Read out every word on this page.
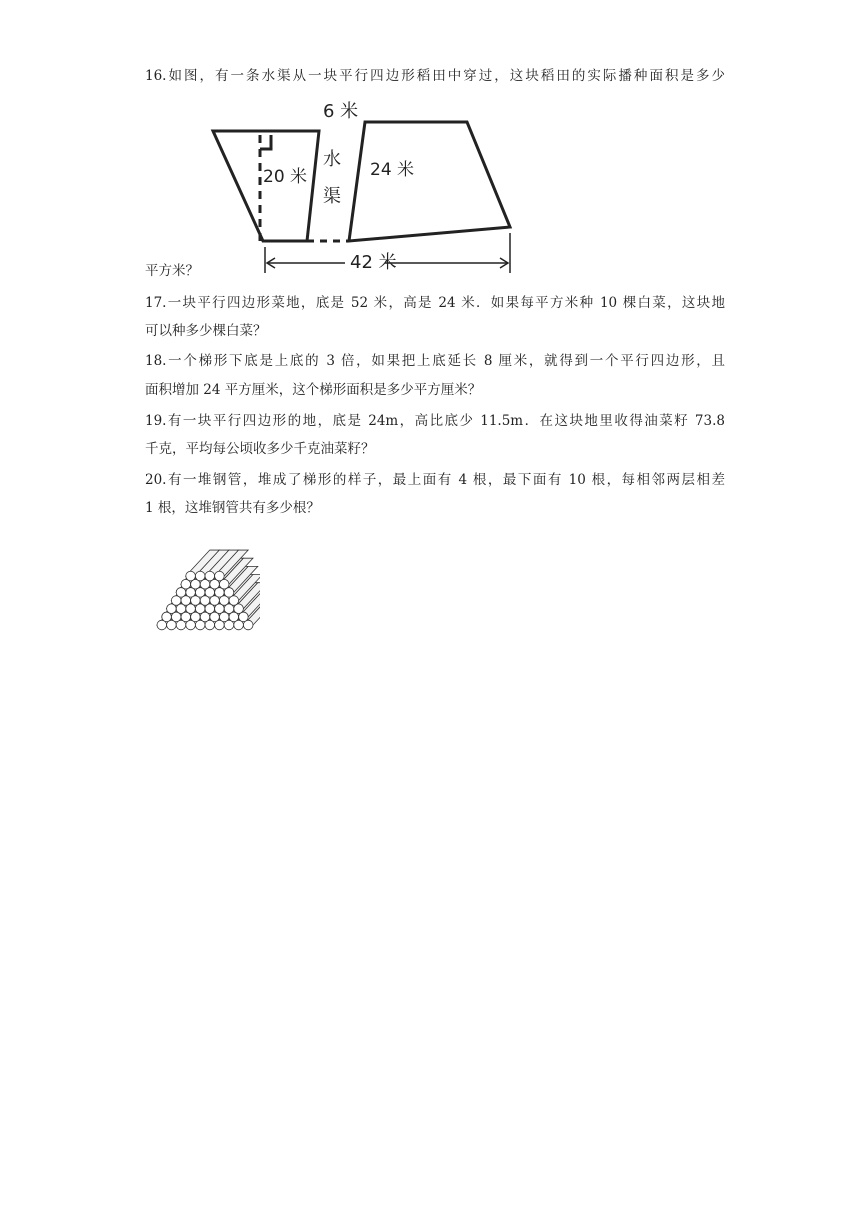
16.如图，有一条水渠从一块平行四边形稻田中穿过，这块稻田的实际播种面积是多少
6 米
20 米
水
渠
24 米
42 米
平方米？
17.一块平行四边形菜地，底是 52 米，高是 24 米．如果每平方米种 10 棵白菜，这块地
可以种多少棵白菜？
18.一个梯形下底是上底的 3 倍，如果把上底延长 8 厘米，就得到一个平行四边形，且
面积增加 24 平方厘米，这个梯形面积是多少平方厘米？
19.有一块平行四边形的地，底是 24m，高比底少 11.5m．在这块地里收得油菜籽 73.8
千克，平均每公顷收多少千克油菜籽？
20.有一堆钢管，堆成了梯形的样子，最上面有 4 根，最下面有 10 根，每相邻两层相差
1 根，这堆钢管共有多少根？
